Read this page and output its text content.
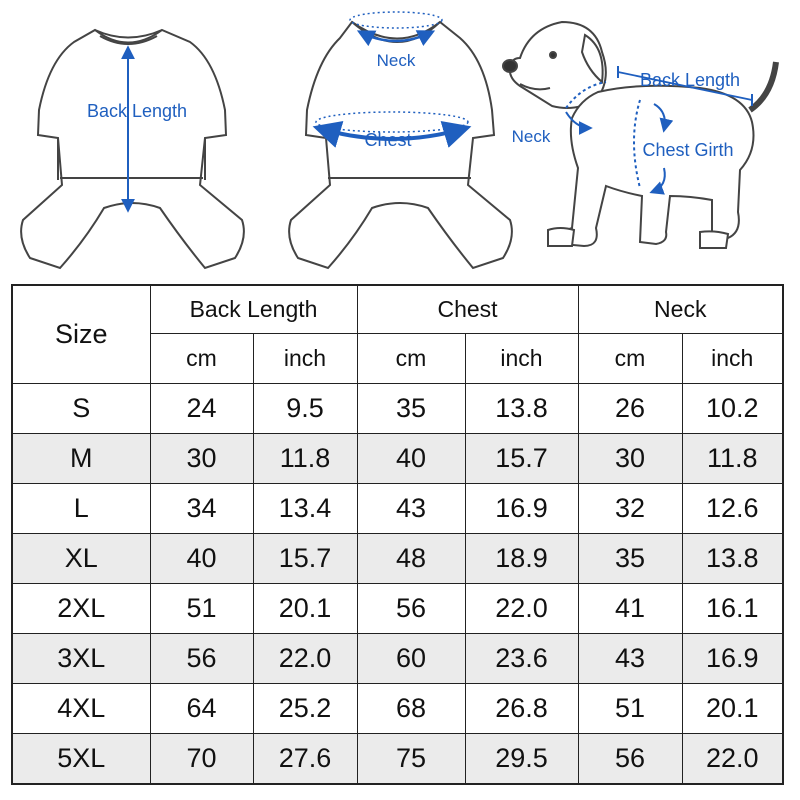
Back Length
Neck
Chest
Back Length
Neck
Chest Girth
Size	Back Length		Chest		Neck	
	cm	inch	cm	inch	cm	inch
S	24	9.5	35	13.8	26	10.2
M	30	11.8	40	15.7	30	11.8
L	34	13.4	43	16.9	32	12.6
XL	40	15.7	48	18.9	35	13.8
2XL	51	20.1	56	22.0	41	16.1
3XL	56	22.0	60	23.6	43	16.9
4XL	64	25.2	68	26.8	51	20.1
5XL	70	27.6	75	29.5	56	22.0
